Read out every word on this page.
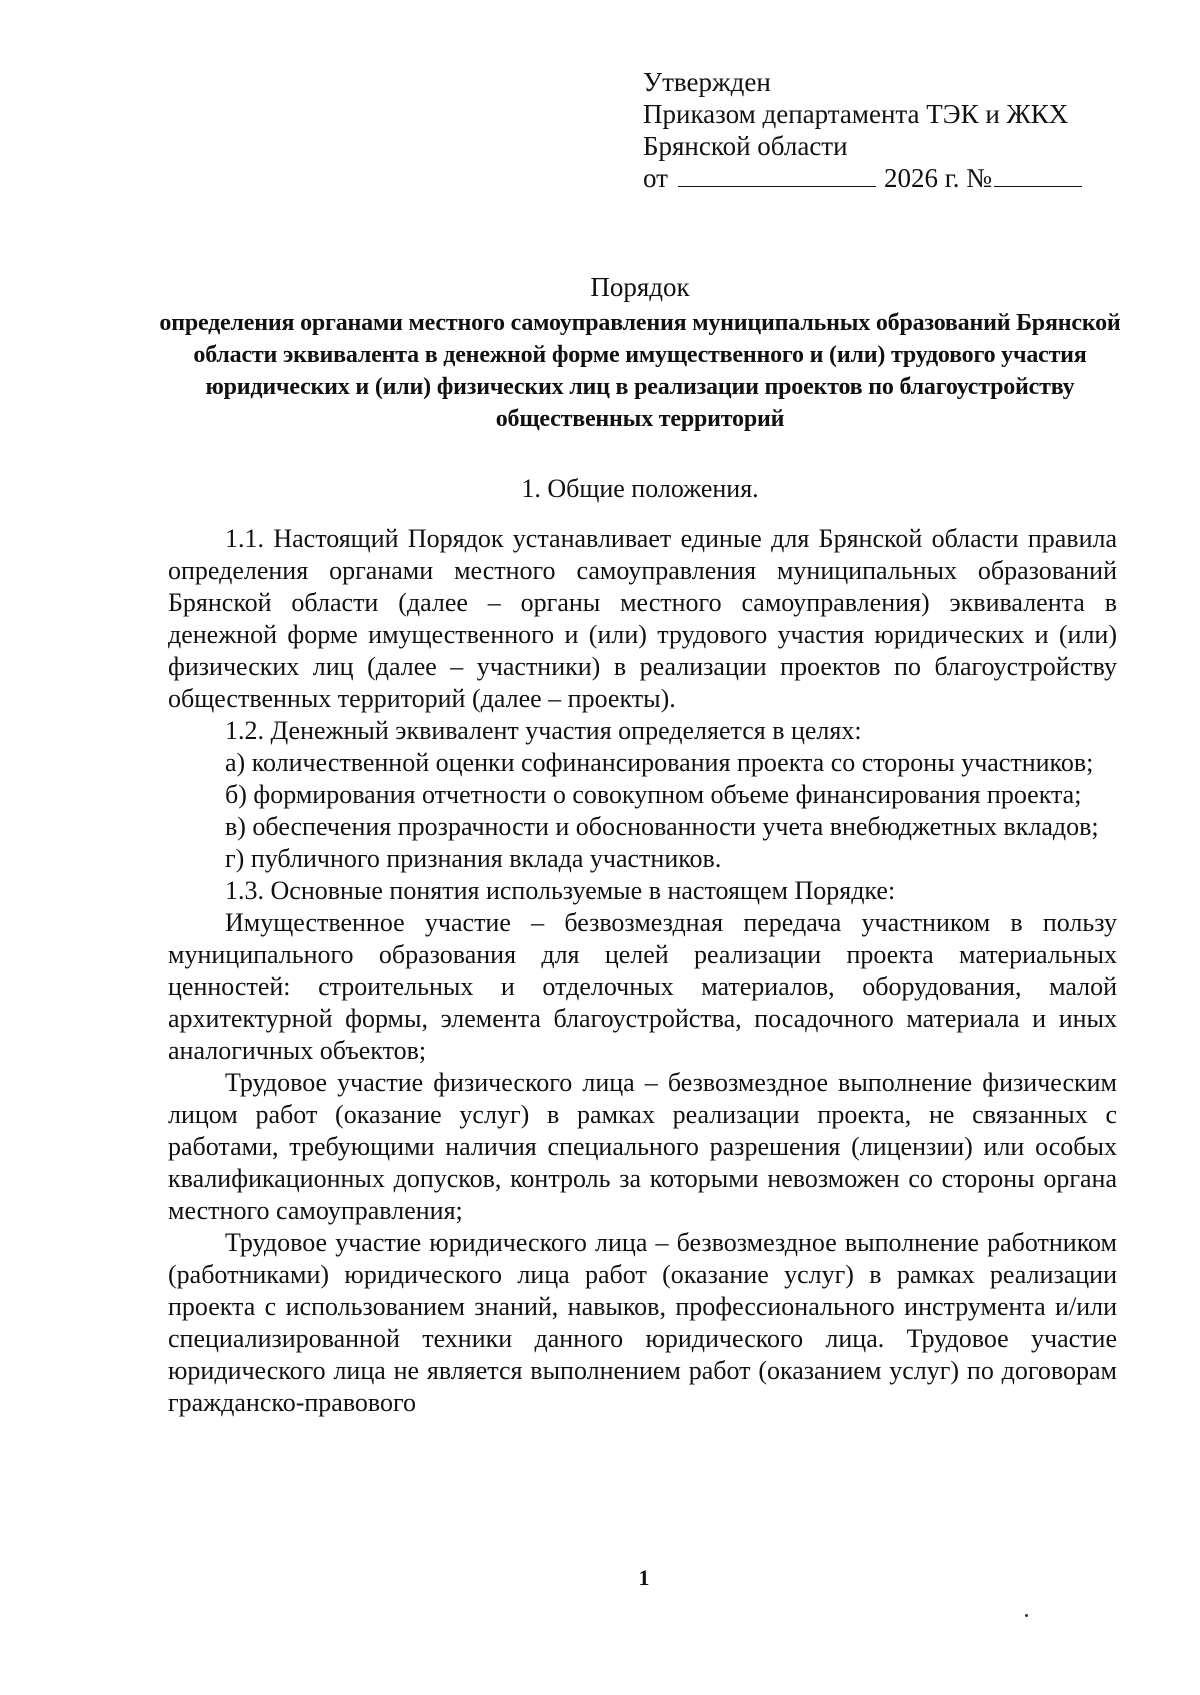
Утвержден
Приказом департамента ТЭК и ЖКХ
Брянской области
от	2026 г. №
Порядок
определения органами местного самоуправления муниципальных образований Брянской области эквивалента в денежной форме имущественного и (или) трудового участия юридических и (или) физических лиц в реализации проектов по благоустройству общественных территорий
1. Общие положения.

1.1. Настоящий Порядок устанавливает единые для Брянской области правила определения органами местного самоуправления муниципальных образований Брянской области (далее – органы местного самоуправления) эквивалента в денежной форме имущественного и (или) трудового участия юридических и (или) физических лиц (далее – участники) в реализации проектов по благоустройству общественных территорий (далее – проекты).

1.2. Денежный эквивалент участия определяется в целях:

а) количественной оценки софинансирования проекта со стороны участников;

б) формирования отчетности о совокупном объеме финансирования проекта;

в) обеспечения прозрачности и обоснованности учета внебюджетных вкладов;

г) публичного признания вклада участников.

1.3. Основные понятия используемые в настоящем Порядке:

Имущественное участие – безвозмездная передача участником в пользу муниципального образования для целей реализации проекта материальных ценностей: строительных и отделочных материалов, оборудования, малой архитектурной формы, элемента благоустройства, посадочного материала и иных аналогичных объектов;

Трудовое участие физического лица – безвозмездное выполнение физическим лицом работ (оказание услуг) в рамках реализации проекта, не связанных с работами, требующими наличия специального разрешения (лицензии) или особых квалификационных допусков, контроль за которыми невозможен со стороны органа местного самоуправления;

Трудовое участие юридического лица – безвозмездное выполнение работником (работниками) юридического лица работ (оказание услуг) в рамках реализации проекта с использованием знаний, навыков, профессионального инструмента и/или специализированной техники данного юридического лица. Трудовое участие юридического лица не является выполнением работ (оказанием услуг) по договорам гражданско-правового

1
